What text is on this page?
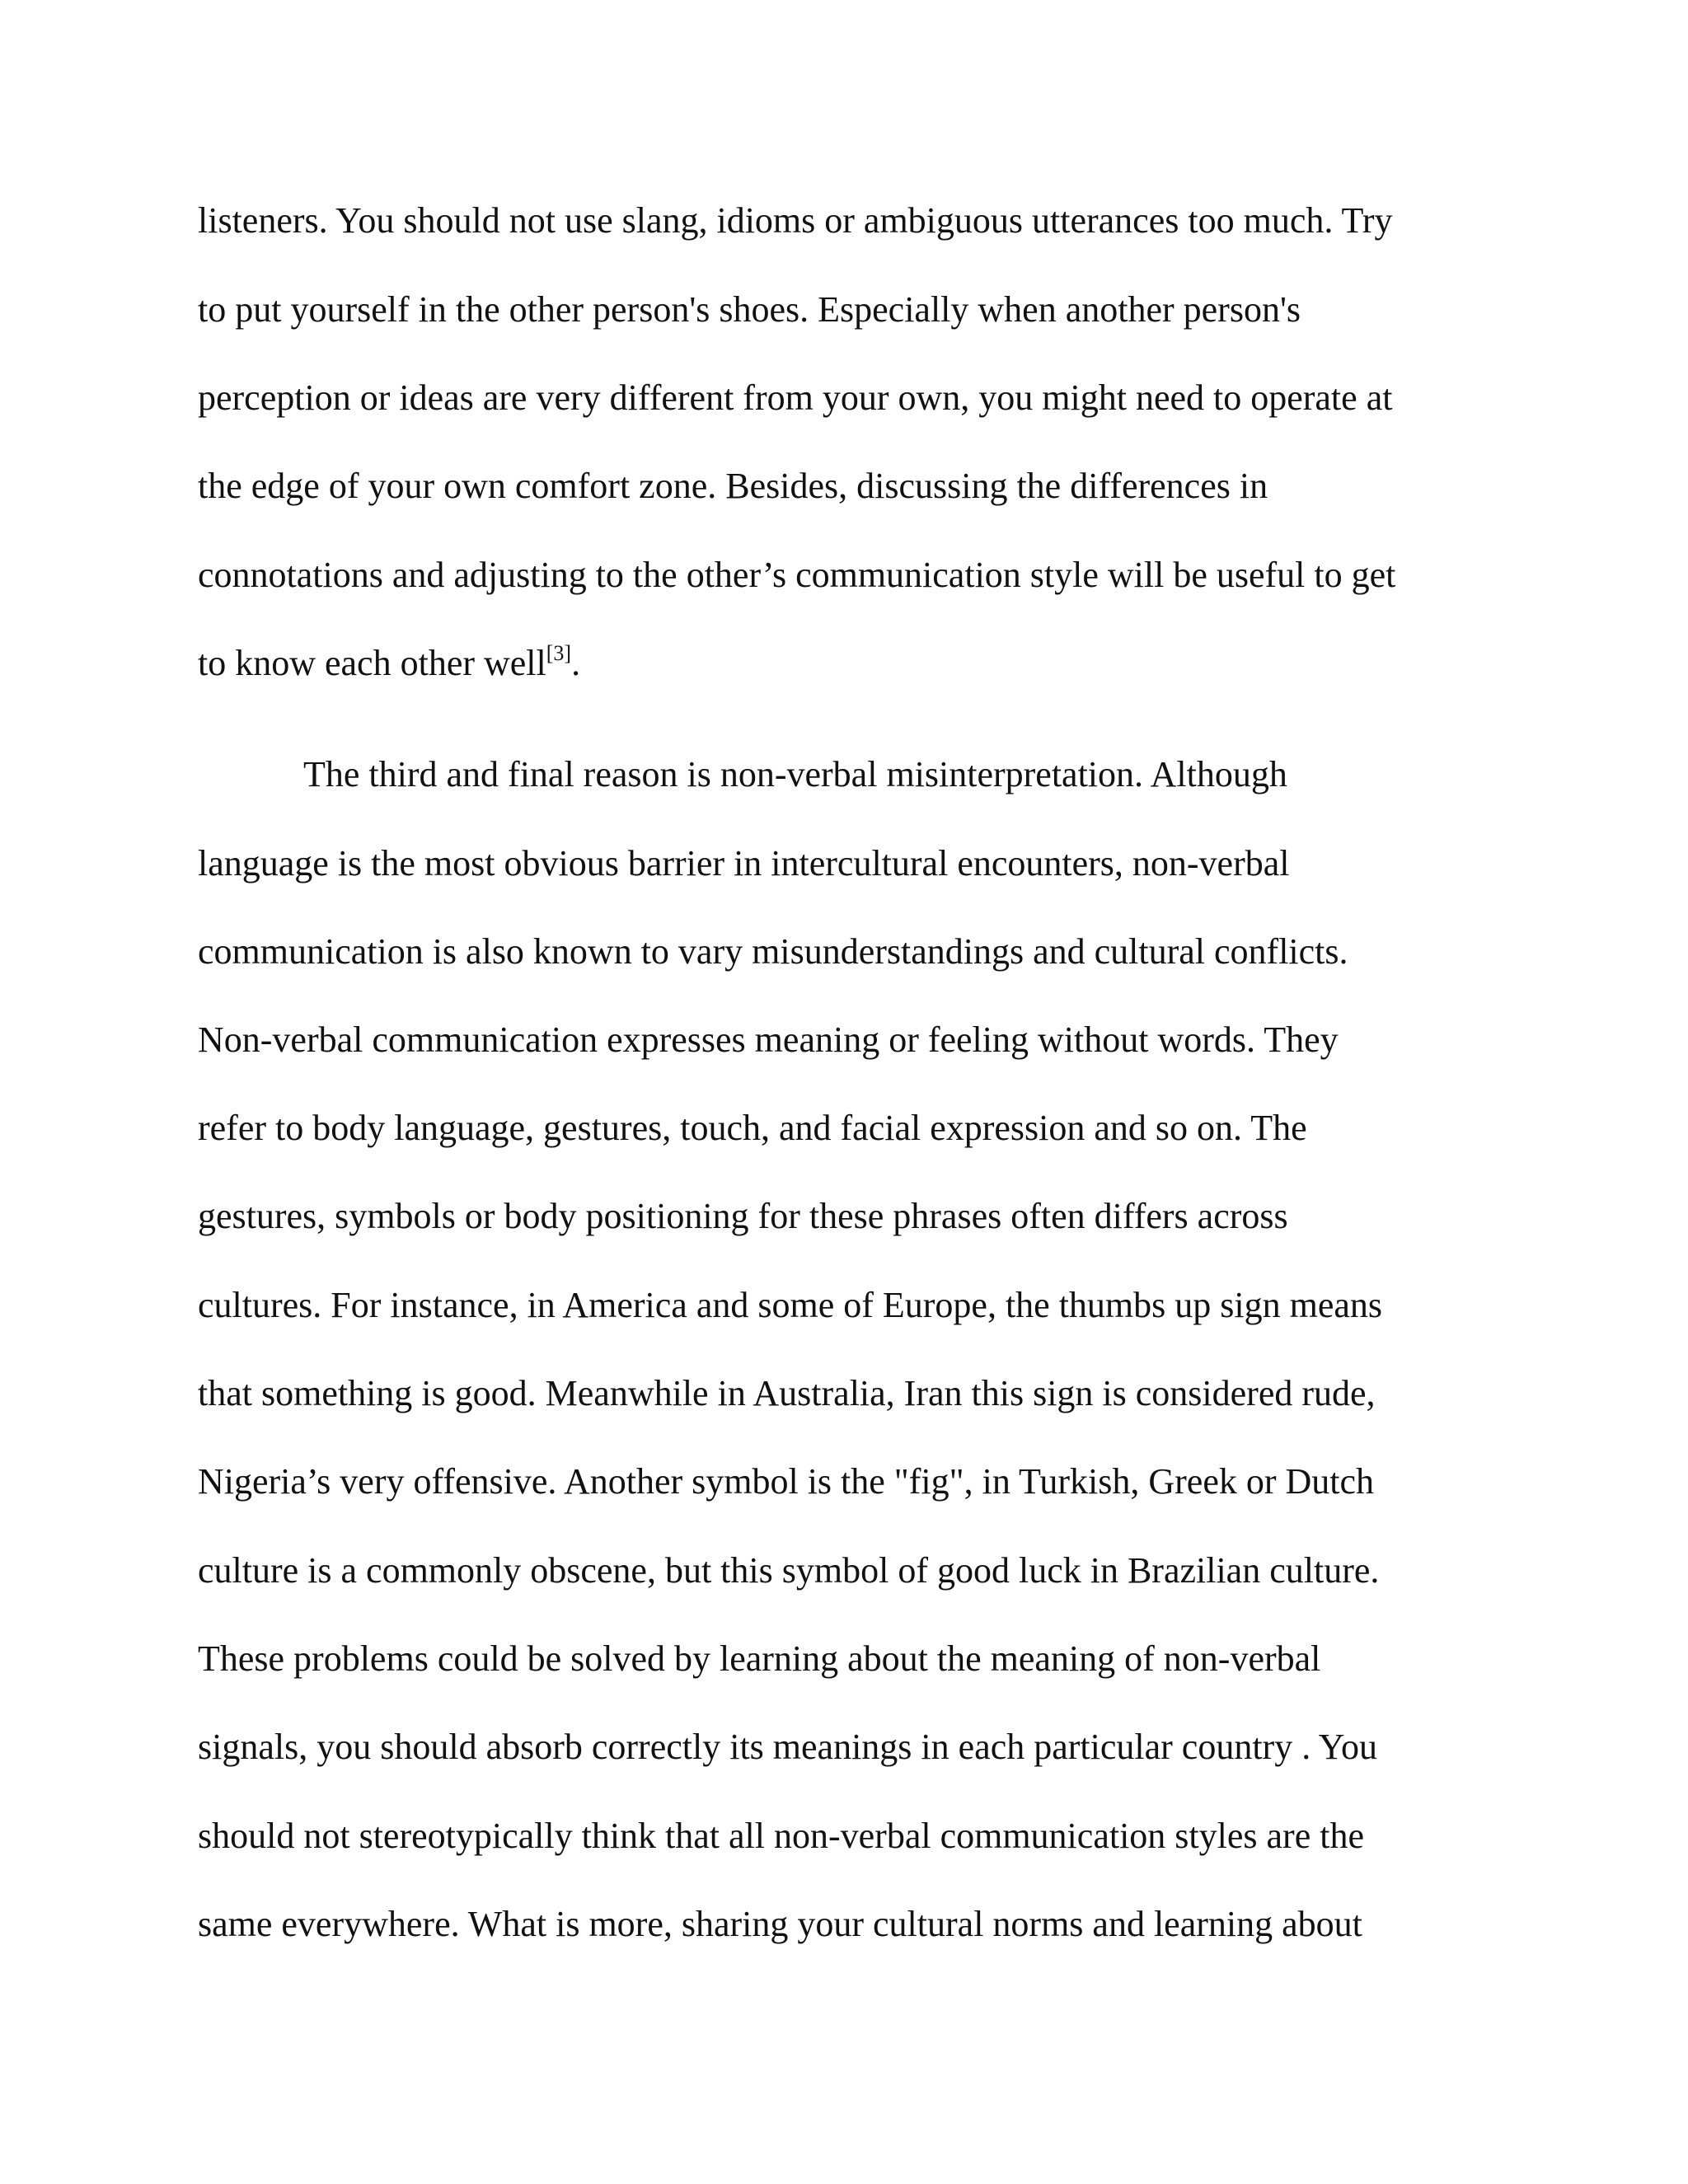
listeners. You should not use slang, idioms or ambiguous utterances too much. Try

to put yourself in the other person's shoes. Especially when another person's

perception or ideas are very different from your own, you might need to operate at

the edge of your own comfort zone. Besides, discussing the differences in

connotations and adjusting to the other’s communication style will be useful to get

to know each other well[3].

The third and final reason is non-verbal misinterpretation. Although

language is the most obvious barrier in intercultural encounters, non-verbal

communication is also known to vary misunderstandings and cultural conflicts.

Non-verbal communication expresses meaning or feeling without words. They

refer to body language, gestures, touch, and facial expression and so on. The

gestures, symbols or body positioning for these phrases often differs across

cultures. For instance, in America and some of Europe, the thumbs up sign means

that something is good. Meanwhile in Australia, Iran this sign is considered rude,

Nigeria’s very offensive. Another symbol is the "fig", in Turkish, Greek or Dutch

culture is a commonly obscene, but this symbol of good luck in Brazilian culture.

These problems could be solved by learning about the meaning of non-verbal

signals, you should absorb correctly its meanings in each particular country . You

should not stereotypically think that all non-verbal communication styles are the

same everywhere. What is more, sharing your cultural norms and learning about
